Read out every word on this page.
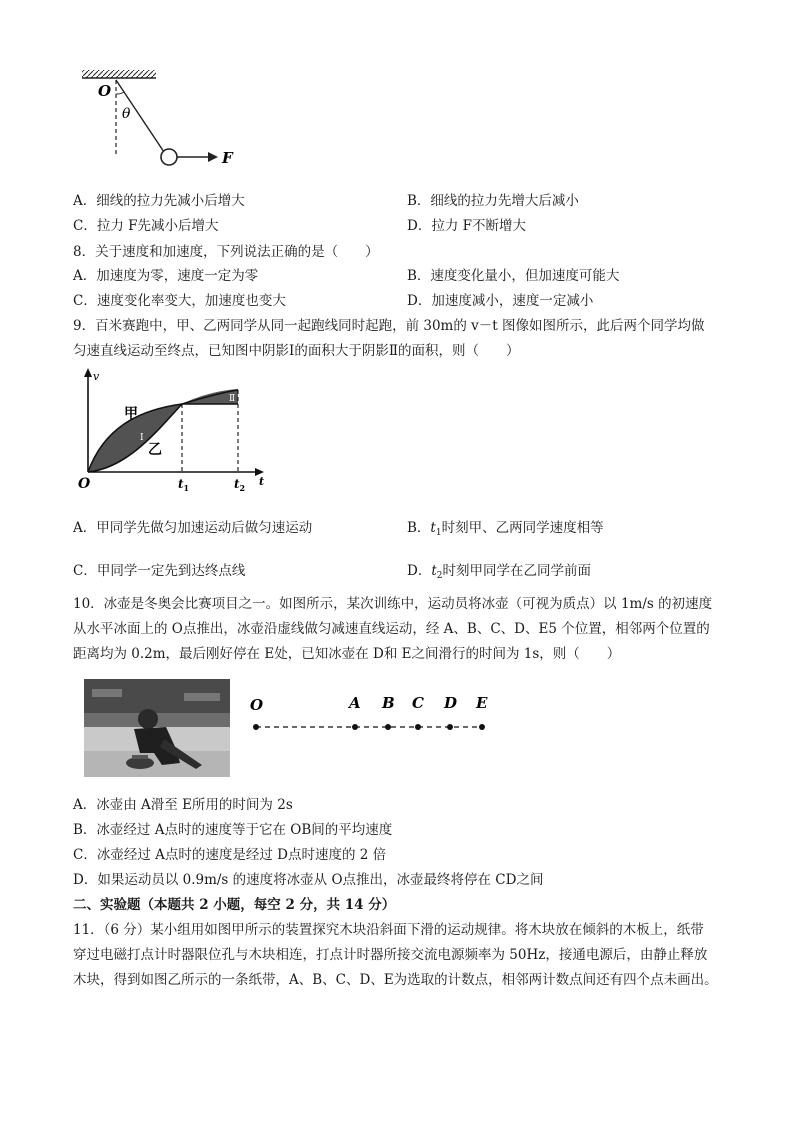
O
θ
F
A．细线的拉力先减小后增大	B．细线的拉力先增大后减小
C．拉力 F先减小后增大	D．拉力 F不断增大
8．关于速度和加速度，下列说法正确的是（　　）
A．加速度为零，速度一定为零	B．速度变化量小，但加速度可能大
C．速度变化率变大，加速度也变大	D．加速度减小，速度一定减小
9．百米赛跑中，甲、乙两同学从同一起跑线同时起跑，前 30m的 v－t 图像如图所示，此后两个同学均做
匀速直线运动至终点，已知图中阴影Ⅰ的面积大于阴影Ⅱ的面积，则（　　）
v
t
O
甲
乙
Ⅰ
Ⅱ
$t_1$	$t_2$
A．甲同学先做匀加速运动后做匀速运动	B．$t_1$时刻甲、乙两同学速度相等
C．甲同学一定先到达终点线	D．$t_2$时刻甲同学在乙同学前面
10．冰壶是冬奥会比赛项目之一。如图所示，某次训练中，运动员将冰壶（可视为质点）以 1m/s 的初速度
从水平冰面上的 O点推出，冰壶沿虚线做匀减速直线运动，经 A、B、C、D、E5 个位置，相邻两个位置的
距离均为 0.2m，最后刚好停在 E处，已知冰壶在 D和 E之间滑行的时间为 1s，则（　　）
O	A B C D E
A．冰壶由 A滑至 E所用的时间为 2s
B．冰壶经过 A点时的速度等于它在 OB间的平均速度
C．冰壶经过 A点时的速度是经过 D点时速度的 2 倍
D．如果运动员以 0.9m/s 的速度将冰壶从 O点推出，冰壶最终将停在 CD之间
二、实验题（本题共 2 小题，每空 2 分，共 14 分）
11．（6 分）某小组用如图甲所示的装置探究木块沿斜面下滑的运动规律。将木块放在倾斜的木板上，纸带
穿过电磁打点计时器限位孔与木块相连，打点计时器所接交流电源频率为 50Hz，接通电源后，由静止释放
木块，得到如图乙所示的一条纸带，A、B、C、D、E为选取的计数点，相邻两计数点间还有四个点未画出。
